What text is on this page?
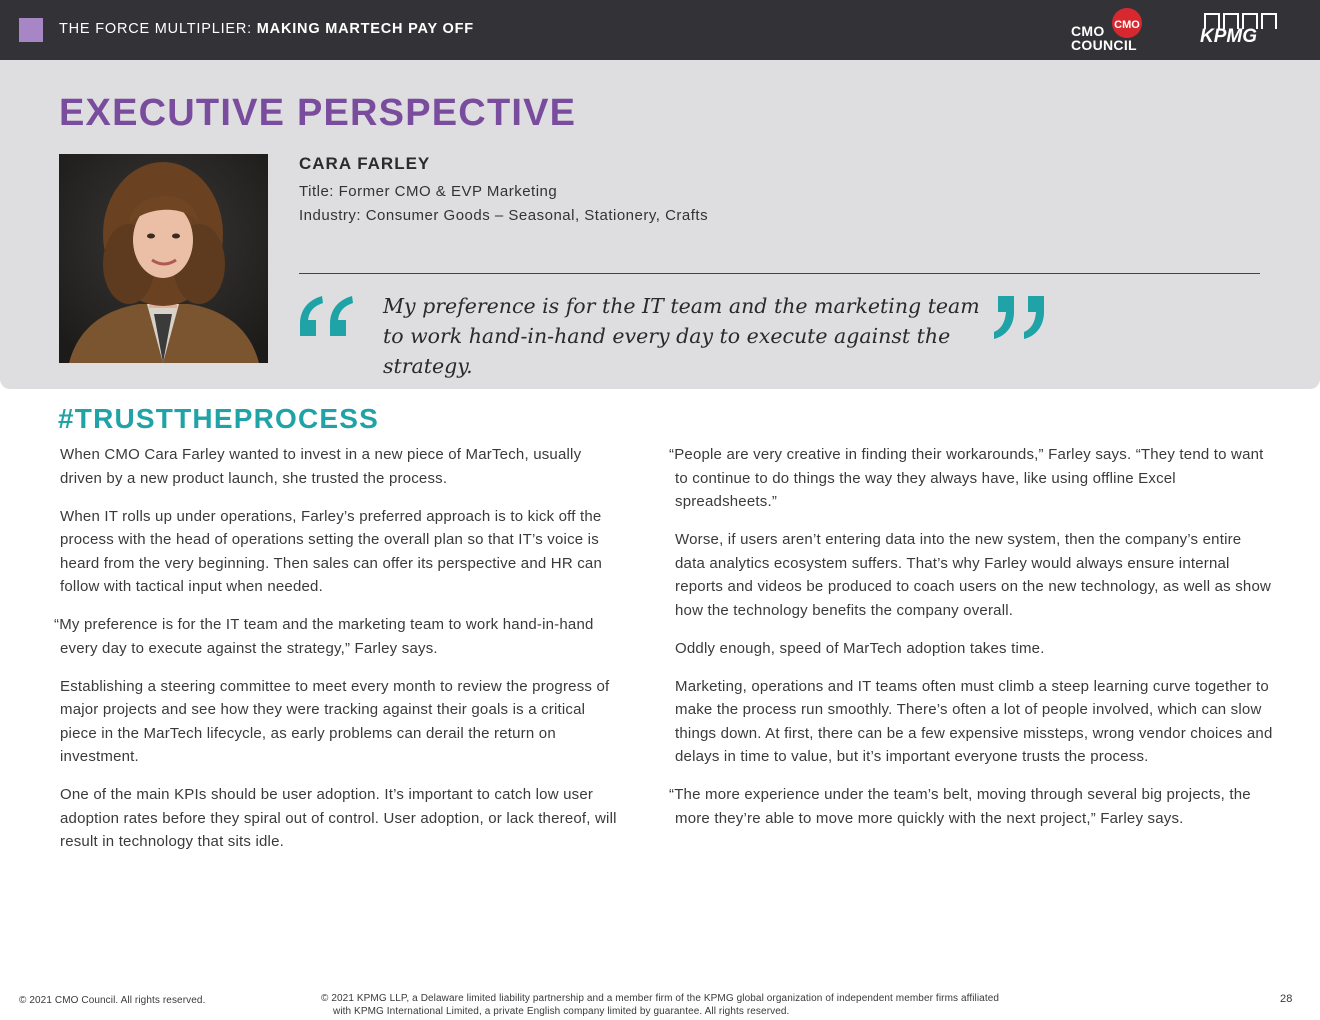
THE FORCE MULTIPLIER: MAKING MARTECH PAY OFF	CMO
CMO
COUNCIL	KPMG
EXECUTIVE PERSPECTIVE
CARA FARLEY
Title: Former CMO & EVP Marketing
Industry: Consumer Goods – Seasonal, Stationery, Crafts
My preference is for the IT team and the marketing team to work hand-in-hand every day to execute against the strategy.
#TRUSTTHEPROCESS

When CMO Cara Farley wanted to invest in a new piece of MarTech, usually driven by a new product launch, she trusted the process.

When IT rolls up under operations, Farley’s preferred approach is to kick off the process with the head of operations setting the overall plan so that IT’s voice is heard from the very beginning. Then sales can offer its perspective and HR can follow with tactical input when needed.

“My preference is for the IT team and the marketing team to work hand-in-hand every day to execute against the strategy,” Farley says.

Establishing a steering committee to meet every month to review the progress of major projects and see how they were tracking against their goals is a critical piece in the MarTech lifecycle, as early problems can derail the return on investment.

One of the main KPIs should be user adoption. It’s important to catch low user adoption rates before they spiral out of control. User adoption, or lack thereof, will result in technology that sits idle.

“People are very creative in finding their workarounds,” Farley says. “They tend to want to continue to do things the way they always have, like using offline Excel spreadsheets.”

Worse, if users aren’t entering data into the new system, then the company’s entire data analytics ecosystem suffers. That’s why Farley would always ensure internal reports and videos be produced to coach users on the new technology, as well as show how the technology benefits the company overall.

Oddly enough, speed of MarTech adoption takes time.

Marketing, operations and IT teams often must climb a steep learning curve together to make the process run smoothly. There’s often a lot of people involved, which can slow things down. At first, there can be a few expensive missteps, wrong vendor choices and delays in time to value, but it’s important everyone trusts the process.

“The more experience under the team’s belt, moving through several big projects, the more they’re able to move more quickly with the next project,” Farley says.

© 2021 CMO Council. All rights reserved.	© 2021 KPMG LLP, a Delaware limited liability partnership and a member firm of the KPMG global organization of independent member firms affiliated
with KPMG International Limited, a private English company limited by guarantee. All rights reserved.
28
